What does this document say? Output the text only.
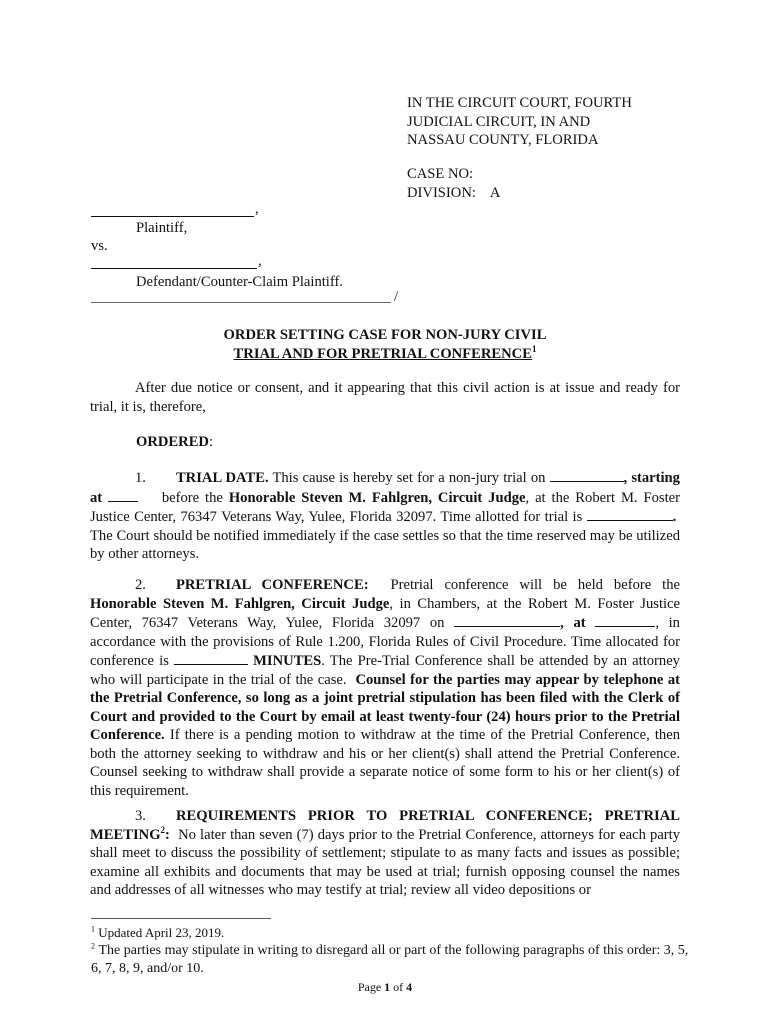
IN THE CIRCUIT COURT, FOURTH
JUDICIAL CIRCUIT, IN AND
NASSAU COUNTY, FLORIDA
CASE NO:
DIVISION: A
,
Plaintiff,
vs.
,
Defendant/Counter-Claim Plaintiff.
/
ORDER SETTING CASE FOR NON-JURY CIVIL
TRIAL AND FOR PRETRIAL CONFERENCE$^1$

After due notice or consent, and it appearing that this civil action is at issue and ready for trial, it is, therefore,

ORDERED:

1. TRIAL DATE. This cause is hereby set for a non-jury trial on	, starting at	before the Honorable Steven M. Fahlgren, Circuit Judge, at the Robert M. Foster Justice Center, 76347 Veterans Way, Yulee, Florida 32097. Time allotted for trial is	.  The Court should be notified immediately if the case settles so that the time reserved may be utilized by other attorneys.

2. PRETRIAL CONFERENCE: Pretrial conference will be held before the Honorable Steven M. Fahlgren, Circuit Judge, in Chambers, at the Robert M. Foster Justice Center, 76347 Veterans Way, Yulee, Florida 32097 on	, at	, in accordance with the provisions of Rule 1.200, Florida Rules of Civil Procedure. Time allocated for conference is	MINUTES. The Pre-Trial Conference shall be attended by an attorney who will participate in the trial of the case. Counsel for the parties may appear by telephone at the Pretrial Conference, so long as a joint pretrial stipulation has been filed with the Clerk of Court and provided to the Court by email at least twenty-four (24) hours prior to the Pretrial Conference. If there is a pending motion to withdraw at the time of the Pretrial Conference, then both the attorney seeking to withdraw and his or her client(s) shall attend the Pretrial Conference. Counsel seeking to withdraw shall provide a separate notice of some form to his or her client(s) of this requirement.

3. REQUIREMENTS PRIOR TO PRETRIAL CONFERENCE; PRETRIAL MEETING$^2$: No later than seven (7) days prior to the Pretrial Conference, attorneys for each party shall meet to discuss the possibility of settlement; stipulate to as many facts and issues as possible; examine all exhibits and documents that may be used at trial; furnish opposing counsel the names and addresses of all witnesses who may testify at trial; review all video depositions or

$^1$ Updated April 23, 2019.
$^2$ The parties may stipulate in writing to disregard all or part of the following paragraphs of this order: 3, 5, 6, 7, 8, 9, and/or 10.
Page 1 of 4
